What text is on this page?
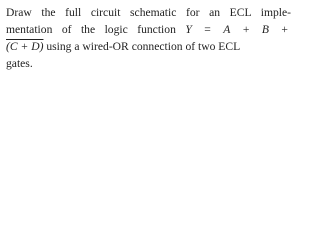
Draw the full circuit schematic for an ECL imple-
mentation of the logic function Y = A + B +
(C + D) using a wired-OR connection of two ECL
gates.
